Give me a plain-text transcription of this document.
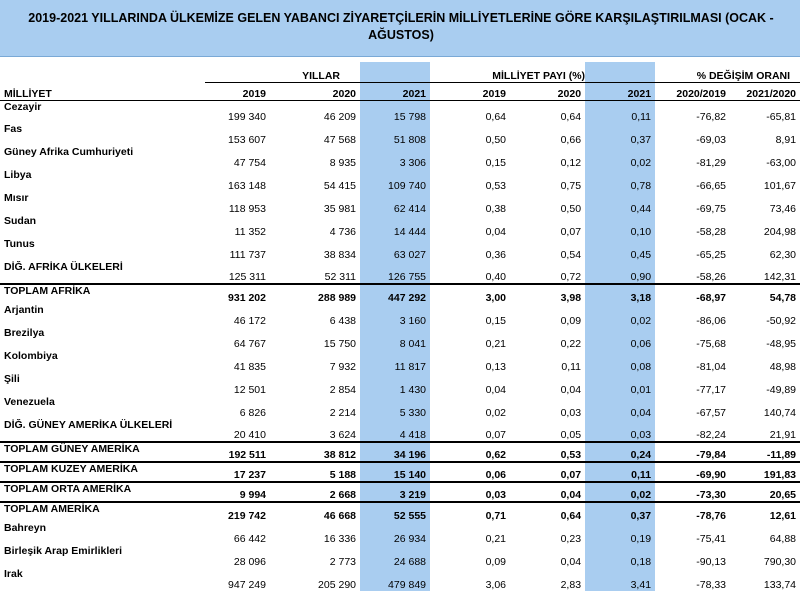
2019-2021 YILLARINDA ÜLKEMİZE GELEN YABANCI ZİYARETÇİLERİN MİLLİYETLERİNE GÖRE KARŞILAŞTIRILMASI (OCAK - AĞUSTOS)
	YILLAR			MİLLİYET PAYI (%)			% DEĞİŞİM ORANI	
MİLLİYET	2019	2020	2021	2019	2020	2021	2020/2019	2021/2020
Cezayir	199 340	46 209	15 798	0,64	0,64	0,11	-76,82	-65,81
Fas	153 607	47 568	51 808	0,50	0,66	0,37	-69,03	8,91
Güney Afrika Cumhuriyeti	47 754	8 935	3 306	0,15	0,12	0,02	-81,29	-63,00
Libya	163 148	54 415	109 740	0,53	0,75	0,78	-66,65	101,67
Mısır	118 953	35 981	62 414	0,38	0,50	0,44	-69,75	73,46
Sudan	11 352	4 736	14 444	0,04	0,07	0,10	-58,28	204,98
Tunus	111 737	38 834	63 027	0,36	0,54	0,45	-65,25	62,30
DİĞ. AFRİKA ÜLKELERİ	125 311	52 311	126 755	0,40	0,72	0,90	-58,26	142,31
TOPLAM AFRİKA	931 202	288 989	447 292	3,00	3,98	3,18	-68,97	54,78
Arjantin	46 172	6 438	3 160	0,15	0,09	0,02	-86,06	-50,92
Brezilya	64 767	15 750	8 041	0,21	0,22	0,06	-75,68	-48,95
Kolombiya	41 835	7 932	11 817	0,13	0,11	0,08	-81,04	48,98
Şili	12 501	2 854	1 430	0,04	0,04	0,01	-77,17	-49,89
Venezuela	6 826	2 214	5 330	0,02	0,03	0,04	-67,57	140,74
DİĞ. GÜNEY AMERİKA ÜLKELERİ	20 410	3 624	4 418	0,07	0,05	0,03	-82,24	21,91
TOPLAM GÜNEY AMERİKA	192 511	38 812	34 196	0,62	0,53	0,24	-79,84	-11,89
TOPLAM KUZEY AMERİKA	17 237	5 188	15 140	0,06	0,07	0,11	-69,90	191,83
TOPLAM ORTA AMERİKA	9 994	2 668	3 219	0,03	0,04	0,02	-73,30	20,65
TOPLAM AMERİKA	219 742	46 668	52 555	0,71	0,64	0,37	-78,76	12,61
Bahreyn	66 442	16 336	26 934	0,21	0,23	0,19	-75,41	64,88
Birleşik Arap Emirlikleri	28 096	2 773	24 688	0,09	0,04	0,18	-90,13	790,30
Irak	947 249	205 290	479 849	3,06	2,83	3,41	-78,33	133,74
